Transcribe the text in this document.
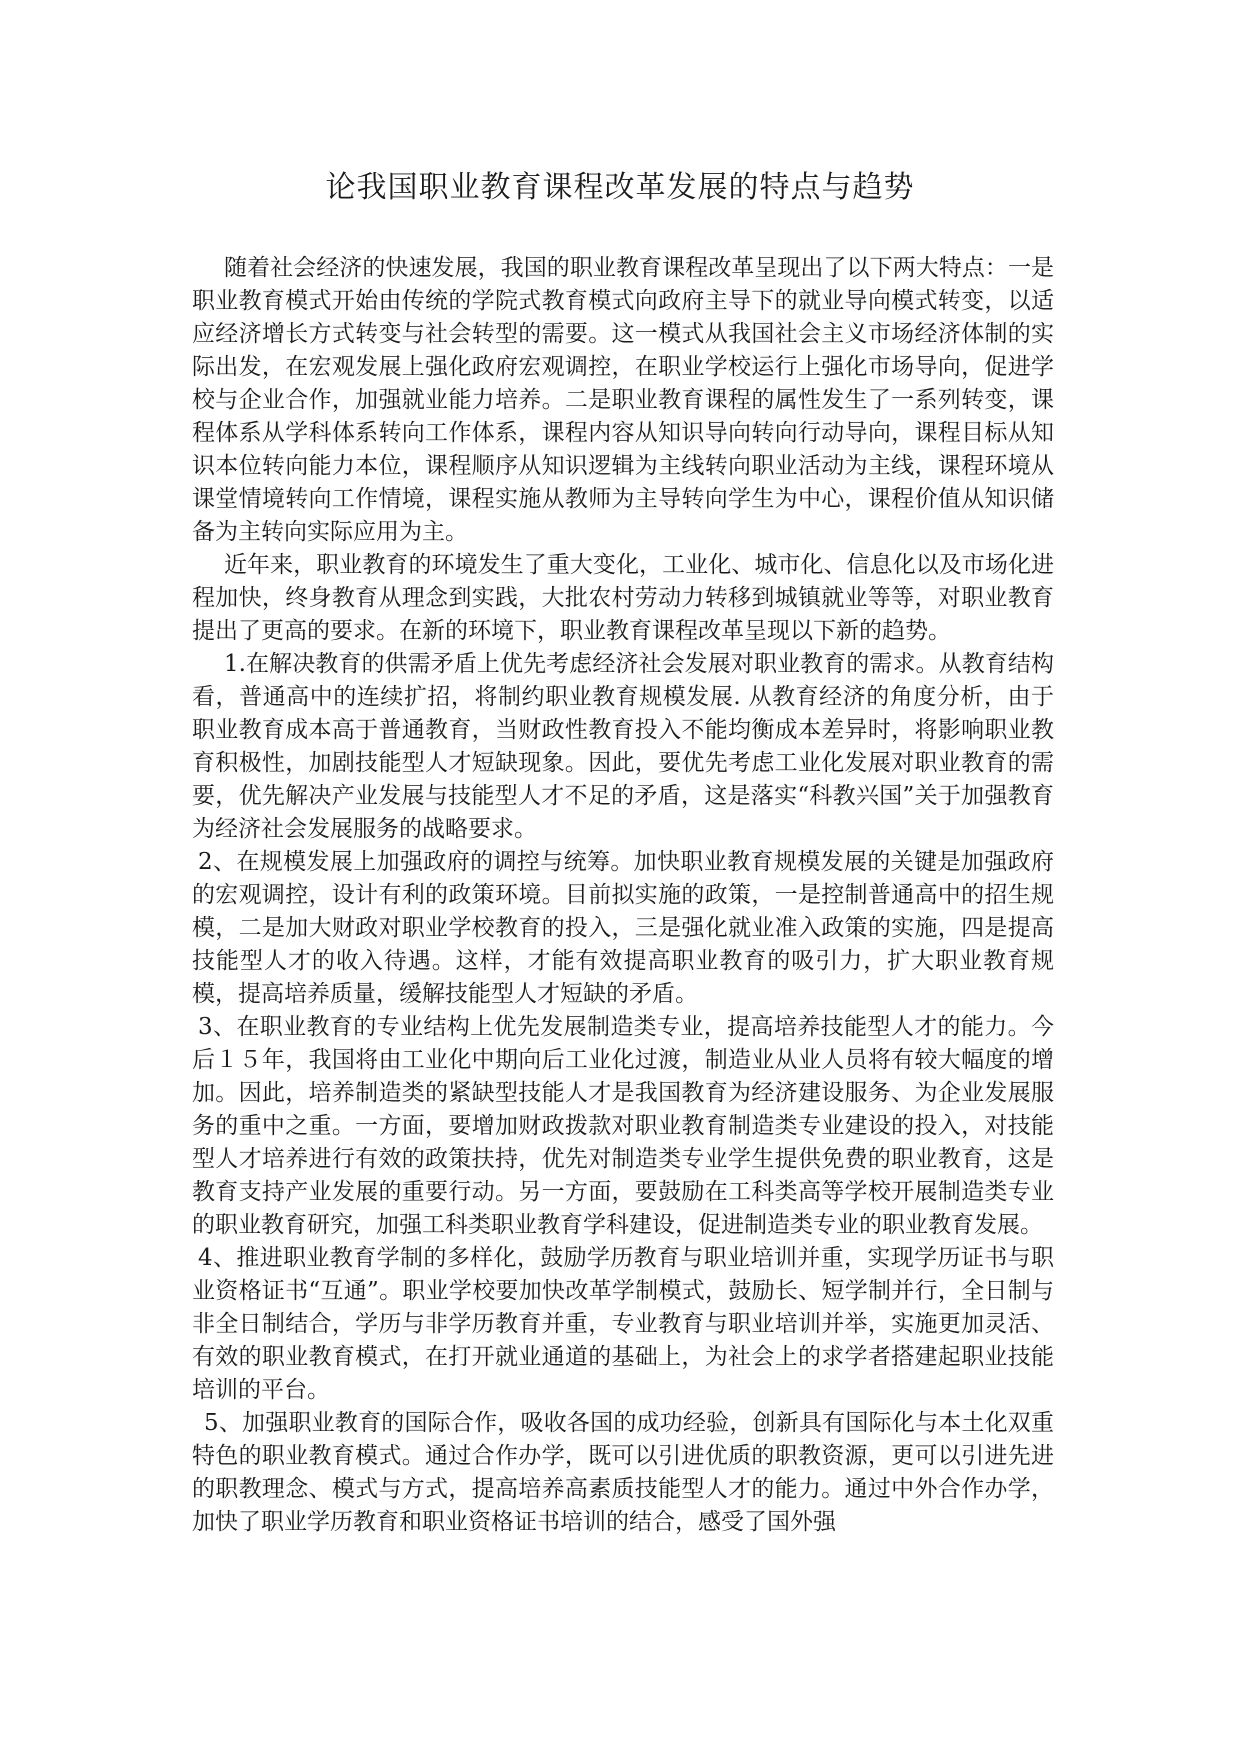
论我国职业教育课程改革发展的特点与趋势

随着社会经济的快速发展，我国的职业教育课程改革呈现出了以下两大特点：一是职业教育模式开始由传统的学院式教育模式向政府主导下的就业导向模式转变，以适应经济增长方式转变与社会转型的需要。这一模式从我国社会主义市场经济体制的实际出发，在宏观发展上强化政府宏观调控，在职业学校运行上强化市场导向，促进学校与企业合作，加强就业能力培养。二是职业教育课程的属性发生了一系列转变，课程体系从学科体系转向工作体系，课程内容从知识导向转向行动导向，课程目标从知识本位转向能力本位，课程顺序从知识逻辑为主线转向职业活动为主线，课程环境从课堂情境转向工作情境，课程实施从教师为主导转向学生为中心，课程价值从知识储备为主转向实际应用为主。

近年来，职业教育的环境发生了重大变化，工业化、城市化、信息化以及市场化进程加快，终身教育从理念到实践，大批农村劳动力转移到城镇就业等等，对职业教育提出了更高的要求。在新的环境下，职业教育课程改革呈现以下新的趋势。

1.在解决教育的供需矛盾上优先考虑经济社会发展对职业教育的需求。从教育结构看，普通高中的连续扩招，将制约职业教育规模发展. 从教育经济的角度分析，由于职业教育成本高于普通教育，当财政性教育投入不能均衡成本差异时，将影响职业教育积极性，加剧技能型人才短缺现象。因此，要优先考虑工业化发展对职业教育的需要，优先解决产业发展与技能型人才不足的矛盾，这是落实“科教兴国”关于加强教育为经济社会发展服务的战略要求。

2、在规模发展上加强政府的调控与统筹。加快职业教育规模发展的关键是加强政府的宏观调控，设计有利的政策环境。目前拟实施的政策，一是控制普通高中的招生规模，二是加大财政对职业学校教育的投入，三是强化就业准入政策的实施，四是提高技能型人才的收入待遇。这样，才能有效提高职业教育的吸引力，扩大职业教育规模，提高培养质量，缓解技能型人才短缺的矛盾。

3、在职业教育的专业结构上优先发展制造类专业，提高培养技能型人才的能力。今后１５年，我国将由工业化中期向后工业化过渡，制造业从业人员将有较大幅度的增加。因此，培养制造类的紧缺型技能人才是我国教育为经济建设服务、为企业发展服务的重中之重。一方面，要增加财政拨款对职业教育制造类专业建设的投入，对技能型人才培养进行有效的政策扶持，优先对制造类专业学生提供免费的职业教育，这是教育支持产业发展的重要行动。另一方面，要鼓励在工科类高等学校开展制造类专业的职业教育研究，加强工科类职业教育学科建设，促进制造类专业的职业教育发展。

4、推进职业教育学制的多样化，鼓励学历教育与职业培训并重，实现学历证书与职业资格证书“互通”。职业学校要加快改革学制模式，鼓励长、短学制并行，全日制与非全日制结合，学历与非学历教育并重，专业教育与职业培训并举，实施更加灵活、有效的职业教育模式，在打开就业通道的基础上，为社会上的求学者搭建起职业技能培训的平台。

5、加强职业教育的国际合作，吸收各国的成功经验，创新具有国际化与本土化双重特色的职业教育模式。通过合作办学，既可以引进优质的职教资源，更可以引进先进的职教理念、模式与方式，提高培养高素质技能型人才的能力。通过中外合作办学，加快了职业学历教育和职业资格证书培训的结合，感受了国外强
